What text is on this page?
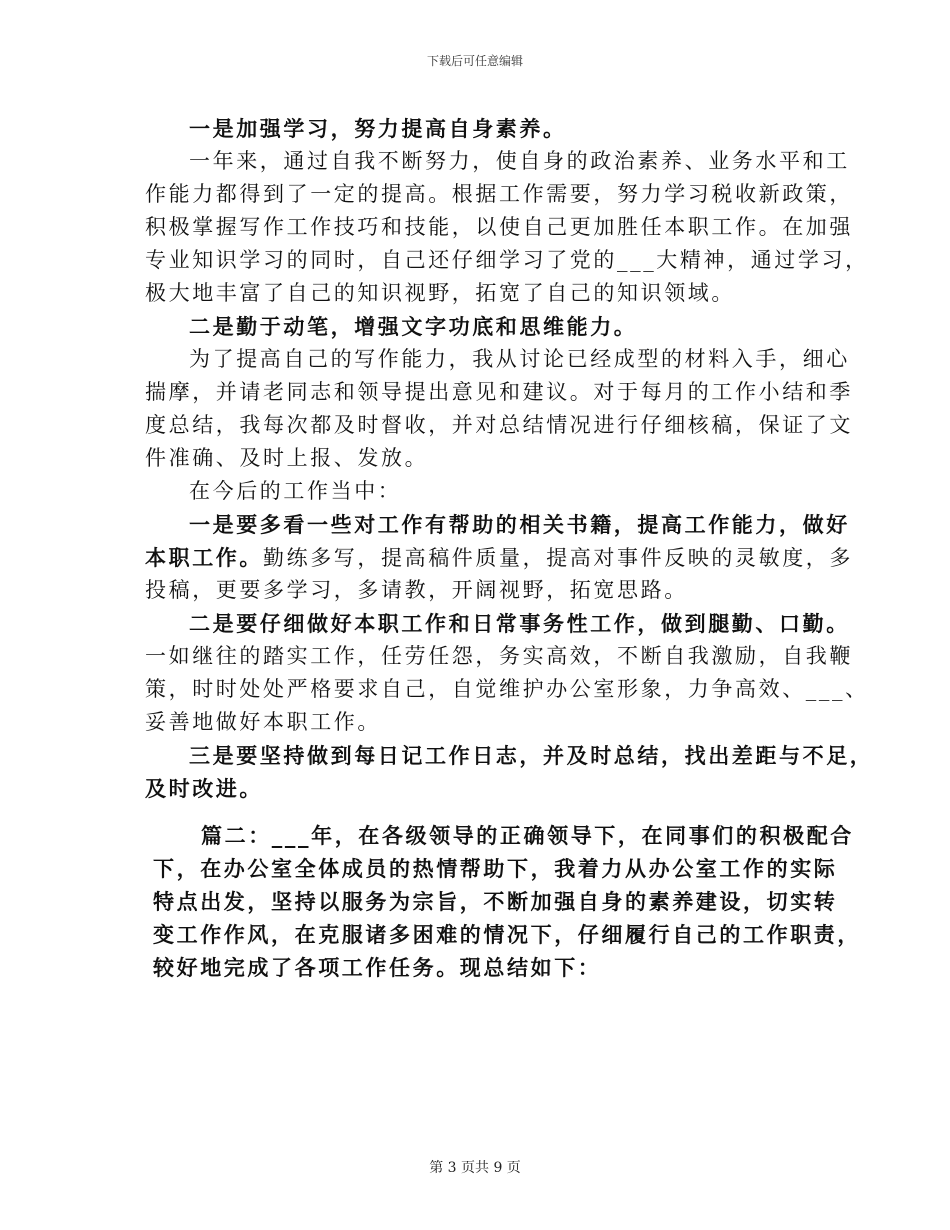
下载后可任意编辑
一是加强学习，努力提高自身素养。
一年来，通过自我不断努力，使自身的政治素养、业务水平和工
作能力都得到了一定的提高。根据工作需要，努力学习税收新政策，
积极掌握写作工作技巧和技能，以使自己更加胜任本职工作。在加强
专业知识学习的同时，自己还仔细学习了党的___大精神，通过学习，
极大地丰富了自己的知识视野，拓宽了自己的知识领域。
二是勤于动笔，增强文字功底和思维能力。
为了提高自己的写作能力，我从讨论已经成型的材料入手，细心
揣摩，并请老同志和领导提出意见和建议。对于每月的工作小结和季
度总结，我每次都及时督收，并对总结情况进行仔细核稿，保证了文
件准确、及时上报、发放。
在今后的工作当中：
一是要多看一些对工作有帮助的相关书籍，提高工作能力，做好
本职工作。勤练多写，提高稿件质量，提高对事件反映的灵敏度，多
投稿，更要多学习，多请教，开阔视野，拓宽思路。
二是要仔细做好本职工作和日常事务性工作，做到腿勤、口勤。
一如继往的踏实工作，任劳任怨，务实高效，不断自我激励，自我鞭
策，时时处处严格要求自己，自觉维护办公室形象，力争高效、___、
妥善地做好本职工作。
三是要坚持做到每日记工作日志，并及时总结，找出差距与不足，
及时改进。
篇二：___年，在各级领导的正确领导下，在同事们的积极配合
下，在办公室全体成员的热情帮助下，我着力从办公室工作的实际
特点出发，坚持以服务为宗旨，不断加强自身的素养建设，切实转
变工作作风，在克服诸多困难的情况下，仔细履行自己的工作职责，
较好地完成了各项工作任务。现总结如下：
第 3 页共 9 页
